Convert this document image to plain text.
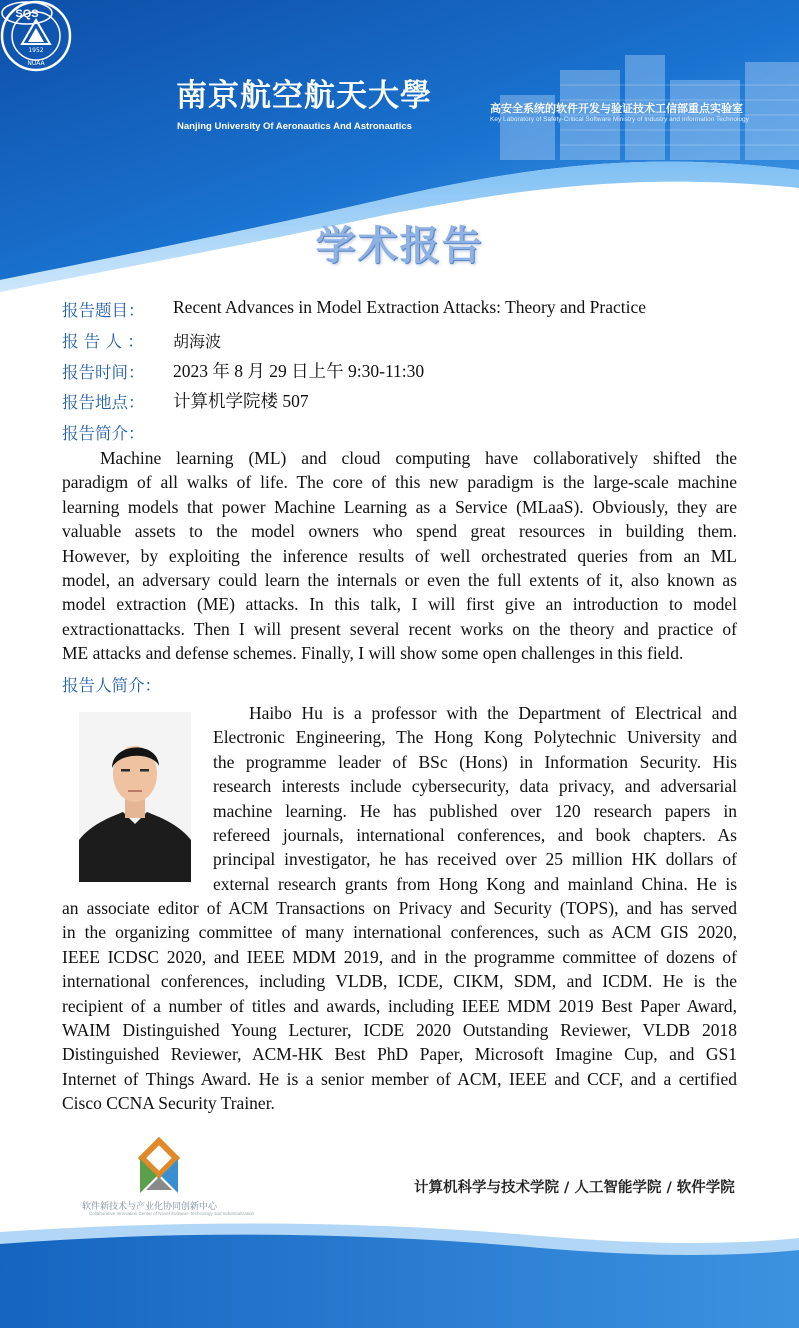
1952
NUAA
南京航空航天大學
Nanjing University Of Aeronautics And Astronautics
SQS
高安全系统的软件开发与验证技术工信部重点实验室
Key Laboratory of Safety-Critical Software Ministry of Industry and Information Technology
学术报告
报告题目： Recent Advances in Model Extraction Attacks: Theory and Practice
报 告 人 ： 胡海波
报告时间： 2023 年 8 月 29 日上午 9:30-11:30
报告地点： 计算机学院楼 507
报告简介：
Machine learning (ML) and cloud computing have collaboratively shifted the
paradigm of all walks of life. The core of this new paradigm is the large-scale machine
learning models that power Machine Learning as a Service (MLaaS). Obviously, they are
valuable assets to the model owners who spend great resources in building them.
However, by exploiting the inference results of well orchestrated queries from an ML
model, an adversary could learn the internals or even the full extents of it, also known as
model extraction (ME) attacks. In this talk, I will first give an introduction to model
extractionattacks. Then I will present several recent works on the theory and practice of
ME attacks and defense schemes. Finally, I will show some open challenges in this field.
报告人简介：
Haibo Hu is a professor with the Department of Electrical and
Electronic Engineering, The Hong Kong Polytechnic University and
the programme leader of BSc (Hons) in Information Security. His
research interests include cybersecurity, data privacy, and adversarial
machine learning. He has published over 120 research papers in
refereed journals, international conferences, and book chapters. As
principal investigator, he has received over 25 million HK dollars of
external research grants from Hong Kong and mainland China. He is
an associate editor of ACM Transactions on Privacy and Security (TOPS), and has served
in the organizing committee of many international conferences, such as ACM GIS 2020,
IEEE ICDSC 2020, and IEEE MDM 2019, and in the programme committee of dozens of
international conferences, including VLDB, ICDE, CIKM, SDM, and ICDM. He is the
recipient of a number of titles and awards, including IEEE MDM 2019 Best Paper Award,
WAIM Distinguished Young Lecturer, ICDE 2020 Outstanding Reviewer, VLDB 2018
Distinguished Reviewer, ACM-HK Best PhD Paper, Microsoft Imagine Cup, and GS1
Internet of Things Award. He is a senior member of ACM, IEEE and CCF, and a certified
Cisco CCNA Security Trainer.
软件新技术与产业化协同创新中心
Collaborative Innovation Center of Novel Software Technology and Industrialization
计算机科学与技术学院 / 人工智能学院 / 软件学院
